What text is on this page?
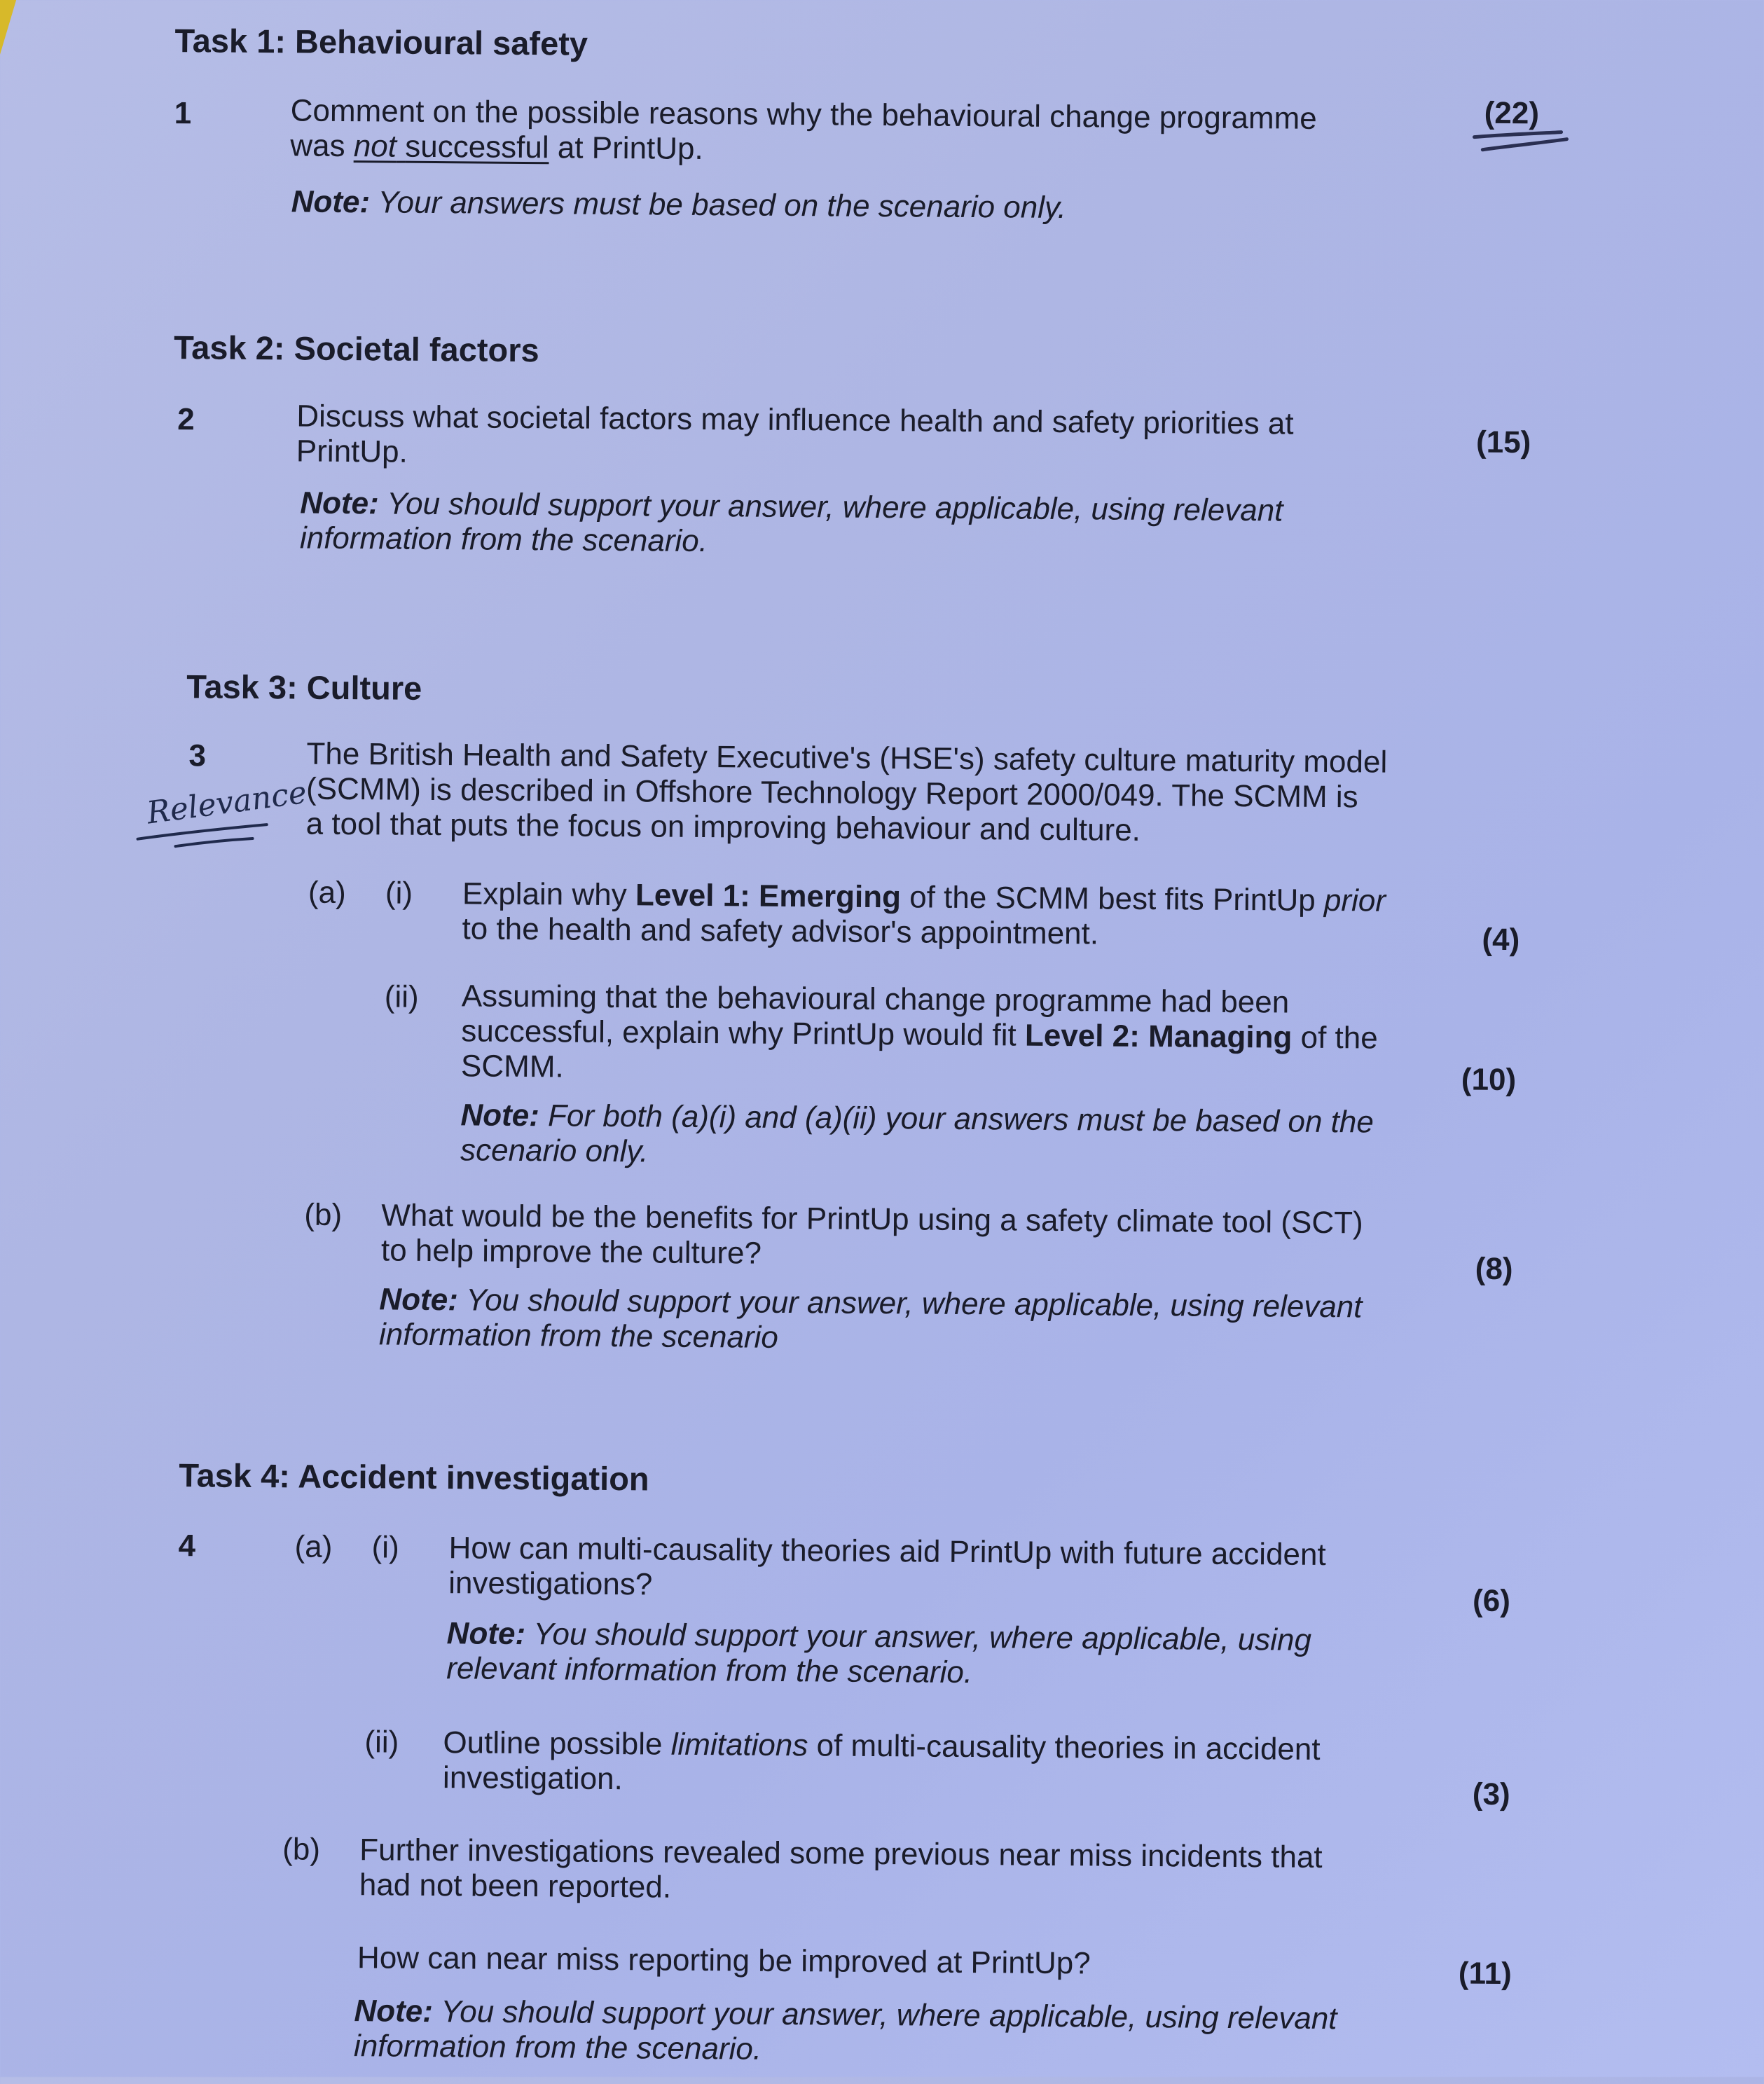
Task 1: Behavioural safety
1	Comment on the possible reasons why the behavioural change programme
was not successful at PrintUp.
Note: Your answers must be based on the scenario only.
(22)
Task 2: Societal factors
2	Discuss what societal factors may influence health and safety priorities at
PrintUp.
Note: You should support your answer, where applicable, using relevant
information from the scenario.
(15)
Task 3: Culture
3	The British Health and Safety Executive's (HSE's) safety culture maturity model
(SCMM) is described in Offshore Technology Report 2000/049. The SCMM is
a tool that puts the focus on improving behaviour and culture.
Relevance
(a) (i) Explain why Level 1: Emerging of the SCMM best fits PrintUp prior
to the health and safety advisor's appointment.	(4)
(ii) Assuming that the behavioural change programme had been
successful, explain why PrintUp would fit Level 2: Managing of the
SCMM.	(10)
Note: For both (a)(i) and (a)(ii) your answers must be based on the
scenario only.
(b) What would be the benefits for PrintUp using a safety climate tool (SCT)
to help improve the culture?	(8)
Note: You should support your answer, where applicable, using relevant
information from the scenario
Task 4: Accident investigation
4	(a) (i) How can multi-causality theories aid PrintUp with future accident
investigations?	(6)
Note: You should support your answer, where applicable, using
relevant information from the scenario.
(ii) Outline possible limitations of multi-causality theories in accident
investigation.	(3)
(b) Further investigations revealed some previous near miss incidents that
had not been reported.
How can near miss reporting be improved at PrintUp?	(11)
Note: You should support your answer, where applicable, using relevant
information from the scenario.
